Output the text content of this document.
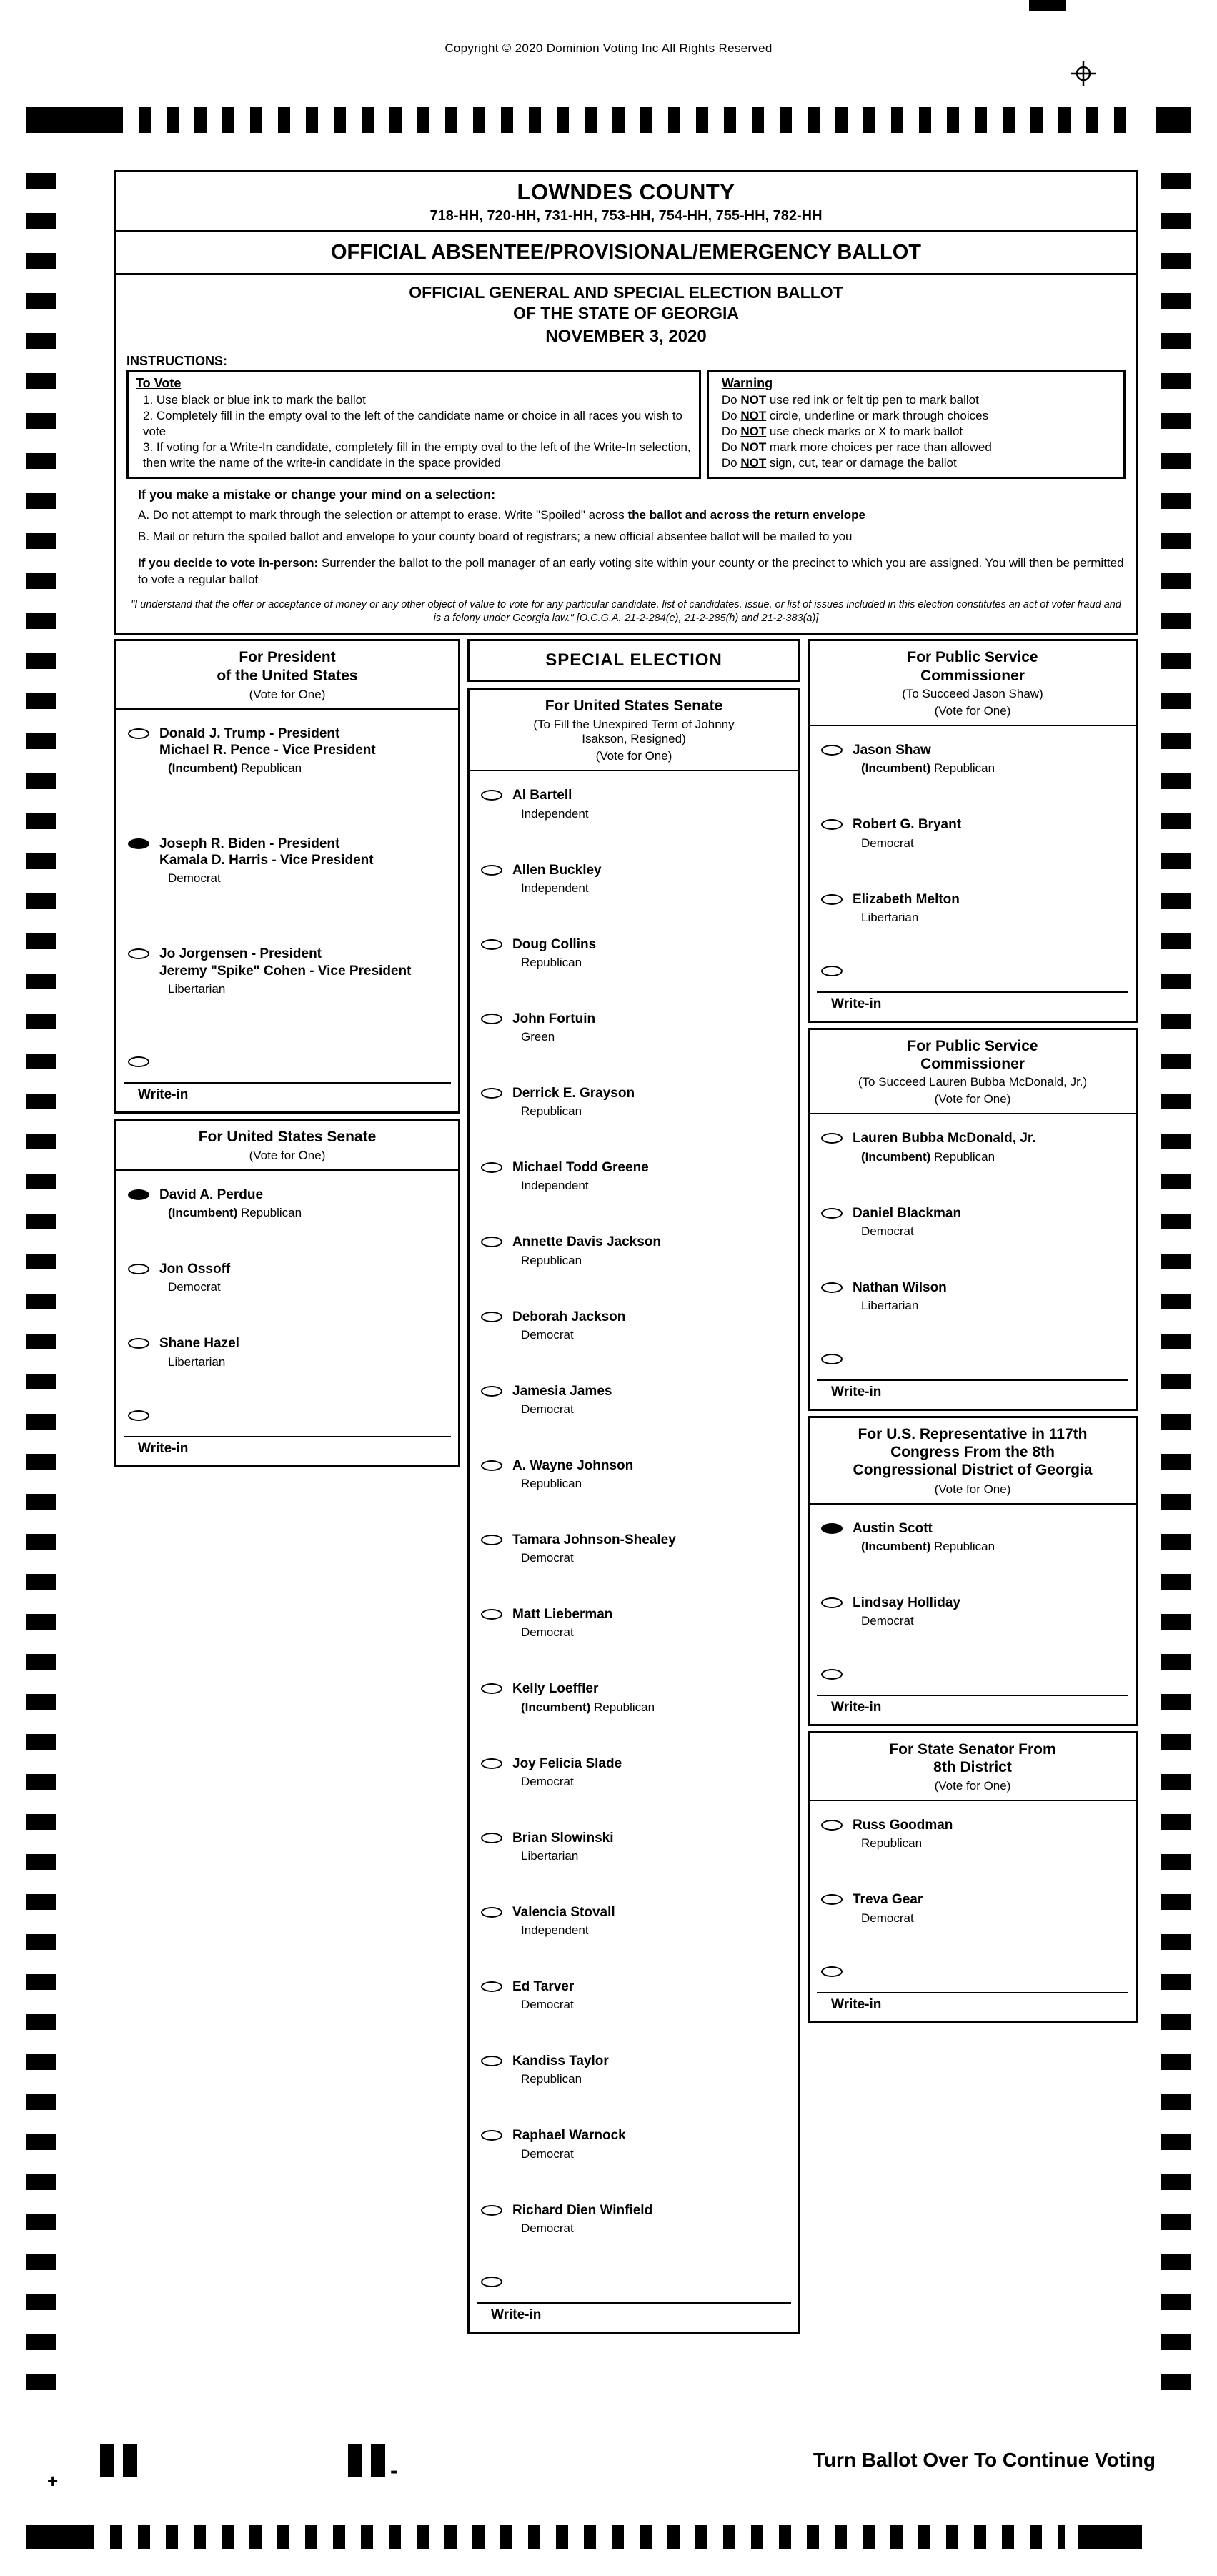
Copyright © 2020 Dominion Voting Inc All Rights Reserved
LOWNDES COUNTY
718-HH, 720-HH, 731-HH, 753-HH, 754-HH, 755-HH, 782-HH
OFFICIAL ABSENTEE/PROVISIONAL/EMERGENCY BALLOT
OFFICIAL GENERAL AND SPECIAL ELECTION BALLOT
OF THE STATE OF GEORGIA
NOVEMBER 3, 2020
INSTRUCTIONS:
To Vote
1. Use black or blue ink to mark the ballot
2. Completely fill in the empty oval to the left of the candidate name or choice in all races you wish to vote
3. If voting for a Write-In candidate, completely fill in the empty oval to the left of the Write-In selection, then write the name of the write-in candidate in the space provided
Warning
Do NOT use red ink or felt tip pen to mark ballot
Do NOT circle, underline or mark through choices
Do NOT use check marks or X to mark ballot
Do NOT mark more choices per race than allowed
Do NOT sign, cut, tear or damage the ballot
If you make a mistake or change your mind on a selection:
A. Do not attempt to mark through the selection or attempt to erase. Write "Spoiled" across the ballot and across the return envelope
B. Mail or return the spoiled ballot and envelope to your county board of registrars; a new official absentee ballot will be mailed to you
If you decide to vote in-person: Surrender the ballot to the poll manager of an early voting site within your county or the precinct to which you are assigned. You will then be permitted to vote a regular ballot
"I understand that the offer or acceptance of money or any other object of value to vote for any particular candidate, list of candidates, issue, or list of issues included in this election constitutes an act of voter fraud and is a felony under Georgia law." [O.C.G.A. 21-2-284(e), 21-2-285(h) and 21-2-383(a)]
For President
of the United States
(Vote for One)
Donald J. Trump - President
Michael R. Pence - Vice President
(Incumbent) Republican
Joseph R. Biden - President
Kamala D. Harris - Vice President
Democrat
Jo Jorgensen - President
Jeremy "Spike" Cohen - Vice President
Libertarian
Write-in
For United States Senate
(Vote for One)
David A. Perdue
(Incumbent) Republican
Jon Ossoff
Democrat
Shane Hazel
Libertarian
Write-in
SPECIAL ELECTION
For United States Senate
(To Fill the Unexpired Term of Johnny
Isakson, Resigned)
(Vote for One)
Al Bartell
Independent
Allen Buckley
Independent
Doug Collins
Republican
John Fortuin
Green
Derrick E. Grayson
Republican
Michael Todd Greene
Independent
Annette Davis Jackson
Republican
Deborah Jackson
Democrat
Jamesia James
Democrat
A. Wayne Johnson
Republican
Tamara Johnson-Shealey
Democrat
Matt Lieberman
Democrat
Kelly Loeffler
(Incumbent) Republican
Joy Felicia Slade
Democrat
Brian Slowinski
Libertarian
Valencia Stovall
Independent
Ed Tarver
Democrat
Kandiss Taylor
Republican
Raphael Warnock
Democrat
Richard Dien Winfield
Democrat
Write-in
For Public Service
Commissioner
(To Succeed Jason Shaw)
(Vote for One)
Jason Shaw
(Incumbent) Republican
Robert G. Bryant
Democrat
Elizabeth Melton
Libertarian
Write-in
For Public Service
Commissioner
(To Succeed Lauren Bubba McDonald, Jr.)
(Vote for One)
Lauren Bubba McDonald, Jr.
(Incumbent) Republican
Daniel Blackman
Democrat
Nathan Wilson
Libertarian
Write-in
For U.S. Representative in 117th
Congress From the 8th
Congressional District of Georgia
(Vote for One)
Austin Scott
(Incumbent) Republican
Lindsay Holliday
Democrat
Write-in
For State Senator From
8th District
(Vote for One)
Russ Goodman
Republican
Treva Gear
Democrat
Write-in
+	-	Turn Ballot Over To Continue Voting
